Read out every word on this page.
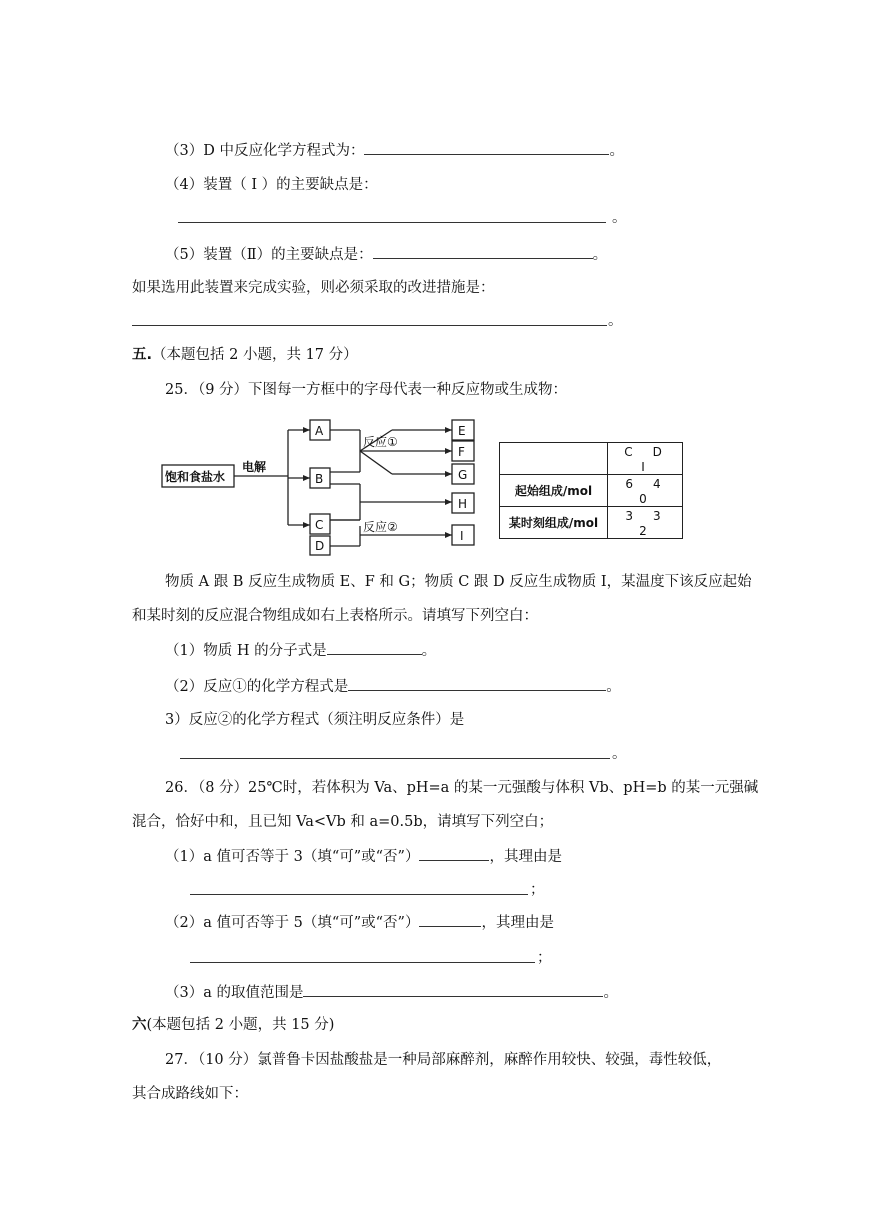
（3）D 中反应化学方程式为：	。
（4）装置（ Ⅰ ）的主要缺点是：
。
（5）装置（Ⅱ）的主要缺点是：	。
如果选用此装置来完成实验，则必须采取的改进措施是：
。
五.（本题包括 2 小题，共 17 分）
25．（9 分）下图每一方框中的字母代表一种反应物或生成物：
饱和食盐水
电解
A
B
C
D
E
F
G
H
I
反应①
反应②
	C　D　I
起始组成/mol	6　4　0
某时刻组成/mol	3　3　2
物质 A 跟 B 反应生成物质 E、F 和 G；物质 C 跟 D 反应生成物质 I，某温度下该反应起始
和某时刻的反应混合物组成如右上表格所示。请填写下列空白：
（1）物质 H 的分子式是	。
（2）反应①的化学方程式是	。
3）反应②的化学方程式（须注明反应条件）是
。
26．（8 分）25℃时，若体积为 Va、pH=a 的某一元强酸与体积 Vb、pH=b 的某一元强碱
混合，恰好中和，且已知 Va<Vb 和 a=0.5b，请填写下列空白；
（1）a 值可否等于 3（填“可”或“否”）	，其理由是
；
（2）a 值可否等于 5（填“可”或“否”）	，其理由是
；
（3）a 的取值范围是	。
六(本题包括 2 小题，共 15 分)
27．（10 分）氯普鲁卡因盐酸盐是一种局部麻醉剂，麻醉作用较快、较强，毒性较低，
其合成路线如下：
